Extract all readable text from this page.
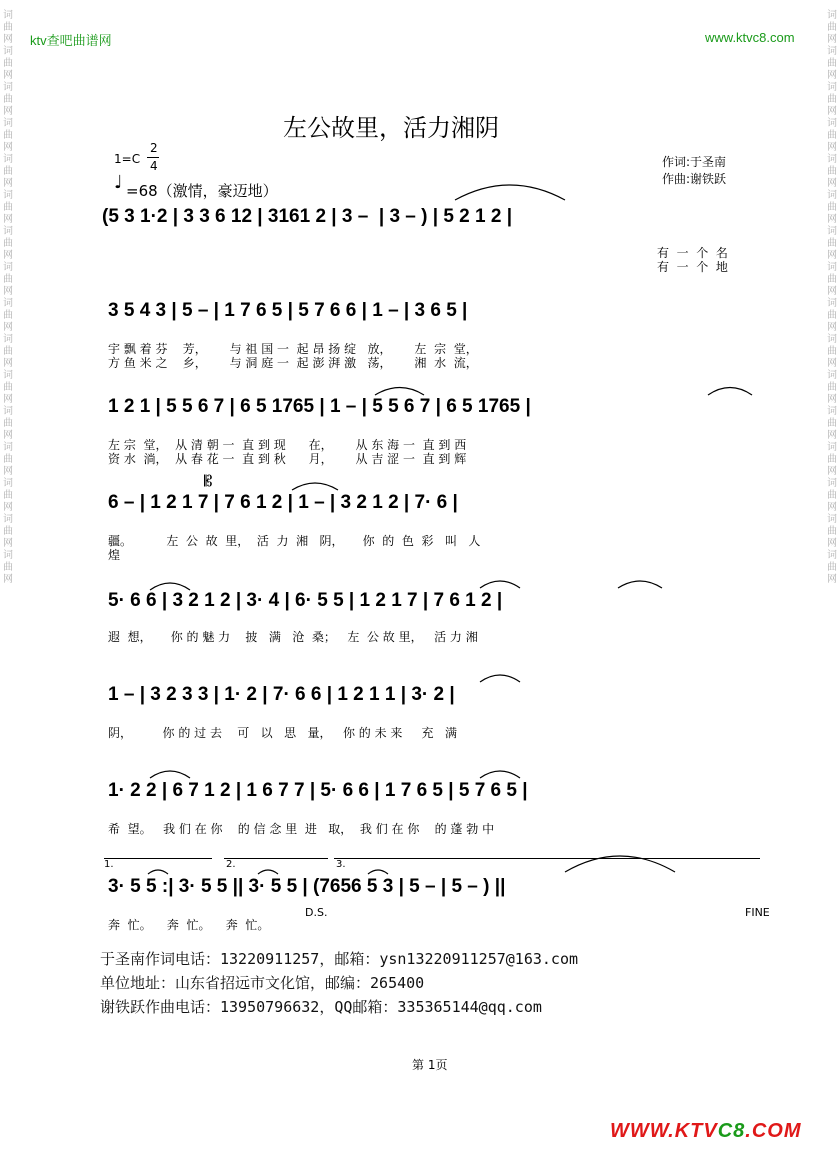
词曲网词曲网词曲网词曲网词曲网词曲网词曲网词曲网词曲网词曲网词曲网词曲网词曲网词曲网词曲网词曲网
词曲网词曲网词曲网词曲网词曲网词曲网词曲网词曲网词曲网词曲网词曲网词曲网词曲网词曲网词曲网词曲网
ktv查吧曲谱网	www.ktvc8.com
左公故里，活力湘阴
1=C
2
4
♩ =68（激情，豪迈地）
作词:于圣南
作曲:谢铁跃
(5 3 1·2 | 3 3 6 12 | 3161 2 | 3 –  | 3 – ) | 5 2 1 2 |
有  一  个  名
有  一  个  地
3 5 4 3 | 5 – | 1 7 6 5 | 5 7 6 6 | 1 – | 3 6 5 |
宇 飘 着 芬    芳，      与 祖 国 一  起 昂 扬 绽   放，      左  宗  堂，
方 鱼 米 之    乡，      与 洞 庭 一  起 澎 湃 激   荡，      湘  水  流，
1 2 1 | 5 5 6 7 | 6 5 1765 | 1 – | 5 5 6 7 | 6 5 1765 |
左 宗  堂，  从 清 朝 一  直 到 现      在，      从 东 海 一  直 到 西
资 水  淌，  从 春 花 一  直 到 秋      月，      从 吉 涩 一  直 到 辉
𝄡
6 – | 1 2 1 7 | 7 6 1 2 | 1 – | 3 2 1 2 | 7· 6 |
疆。         左  公  故  里，  活  力  湘   阴，     你  的  色  彩   叫   人
煌
5· 6 6 | 3 2 1 2 | 3· 4 | 6· 5 5 | 1 2 1 7 | 7 6 1 2 |
遐  想，     你 的 魅 力    披   满   沧  桑；   左  公 故 里，   活 力 湘
1 – | 3 2 3 3 | 1· 2 | 7· 6 6 | 1 2 1 1 | 3· 2 |
阴，        你 的 过 去    可   以   思   量，   你 的 未 来     充   满
1· 2 2 | 6 7 1 2 | 1 6 7 7 | 5· 6 6 | 1 7 6 5 | 5 7 6 5 |
希  望。   我 们 在 你    的 信 念 里  进   取，  我 们 在 你    的 蓬 勃 中
1.	2.	3.
3· 5 5 :| 3· 5 5 || 3· 5 5 | (7656 5 3 | 5 – | 5 – ) ||
D.S.	FINE
奔  忙。    奔  忙。    奔  忙。
于圣南作词电话：13220911257，邮箱：ysn13220911257@163.com
单位地址：山东省招远市文化馆，邮编：265400
谢铁跃作曲电话：13950796632，QQ邮箱：335365144@qq.com
第 1页
WWW.KTVC8.COM
